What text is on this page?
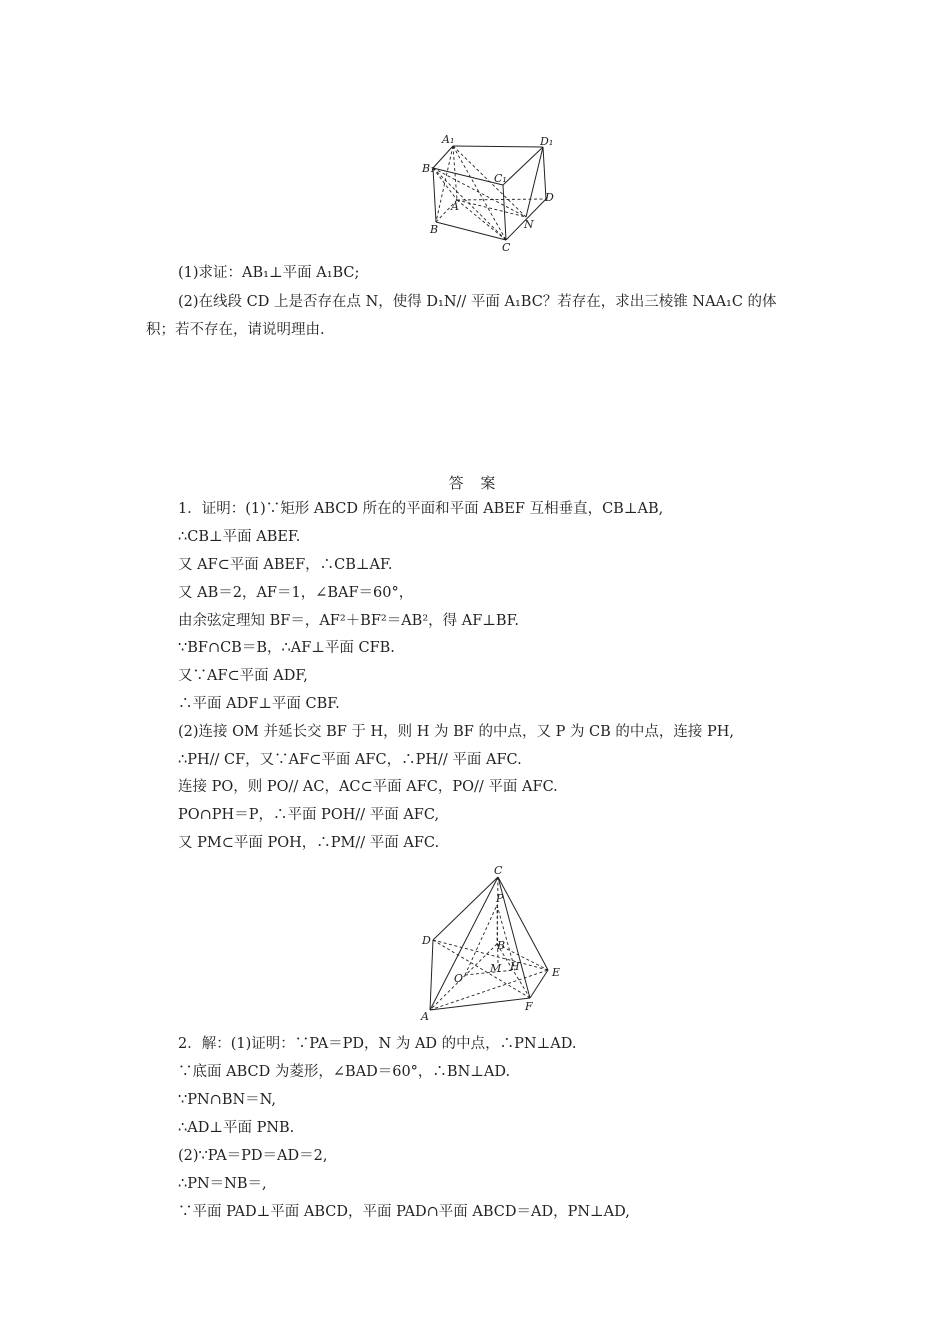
A₁	D₁
B₁
C₁
A
D
N
B
C
(1)求证：AB₁⊥平面 A₁BC;
(2)在线段 CD 上是否存在点 N，使得 D₁N// 平面 A₁BC？若存在，求出三棱锥 NAA₁C 的体
积；若不存在，请说明理由.
答 案
1．证明：(1)∵矩形 ABCD 所在的平面和平面 ABEF 互相垂直，CB⊥AB,
∴CB⊥平面 ABEF.
又 AF⊂平面 ABEF，∴CB⊥AF.
又 AB＝2，AF＝1，∠BAF＝60°，
由余弦定理知 BF＝，AF²＋BF²＝AB²，得 AF⊥BF.
∵BF∩CB＝B，∴AF⊥平面 CFB.
又∵AF⊂平面 ADF,
∴平面 ADF⊥平面 CBF.
(2)连接 OM 并延长交 BF 于 H，则 H 为 BF 的中点，又 P 为 CB 的中点，连接 PH,
∴PH// CF，又∵AF⊂平面 AFC，∴PH// 平面 AFC.
连接 PO，则 PO// AC，AC⊂平面 AFC，PO// 平面 AFC.
PO∩PH＝P，∴平面 POH// 平面 AFC,
又 PM⊂平面 POH，∴PM// 平面 AFC.
C
P
D	B
M H
O	E
F
A
2．解：(1)证明：∵PA＝PD，N 为 AD 的中点，∴PN⊥AD.
∵底面 ABCD 为菱形，∠BAD＝60°，∴BN⊥AD.
∵PN∩BN＝N,
∴AD⊥平面 PNB.
(2)∵PA＝PD＝AD＝2,
∴PN＝NB＝,
∵平面 PAD⊥平面 ABCD，平面 PAD∩平面 ABCD＝AD，PN⊥AD,
